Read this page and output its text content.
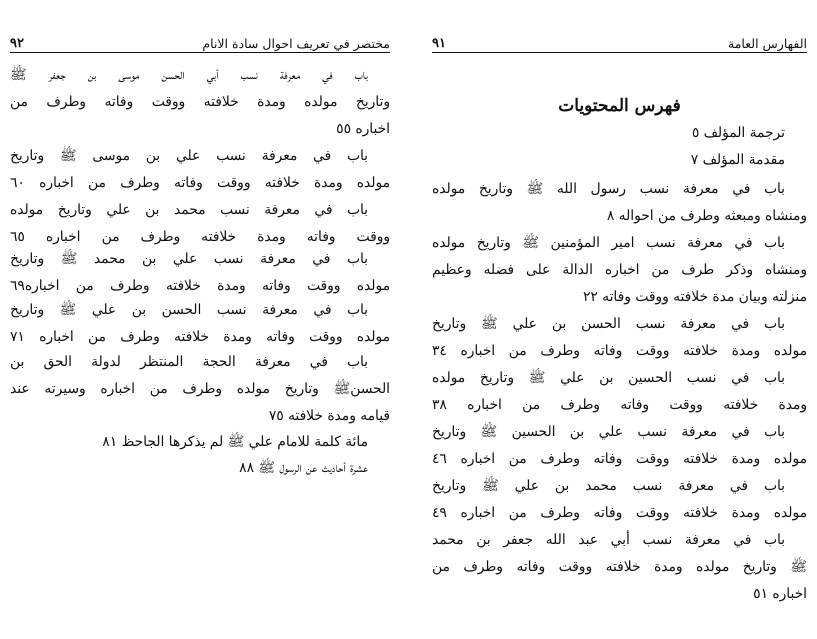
مختصر في تعريف احوال سادة الانام
٩٢
باب في معرفة نسب أبي الحسن موسى بن جعفر ﷺ
وتاريخ مولده ومدة خلافته ووقت وفاته وطرف من
اخباره ٥٥
باب في معرفة نسب علي بن موسى ﷺ وتاريخ
مولده ومدة خلافته ووقت وفاته وطرف من اخباره ٦٠
باب في معرفة نسب محمد بن علي وتاريخ مولده
ووقت وفاته ومدة خلافته وطرف من اخباره ٦٥
باب في معرفة نسب علي بن محمد ﷺ وتاريخ
مولده ووقت وفاته ومدة خلافته وطرف من اخباره٦٩
باب في معرفة نسب الحسن بن علي ﷺ وتاريخ
مولده ووقت وفاته ومدة خلافته وطرف من اخباره ٧١
باب في معرفة الحجة المنتظر لدولة الحق بن
الحسنﷺ وتاريخ مولده وطرف من اخباره وسيرته عند
قيامه ومدة خلافته ٧٥
مائة كلمة للامام علي ﷺ لم يذكرها الجاحظ ٨١
عشرة أحاديث عن الرسول ﷺ ٨٨
الفهارس العامة
٩١
فهرس المحتويات
ترجمة المؤلف ٥
مقدمة المؤلف ٧
باب في معرفة نسب رسول الله ﷺ وتاريخ مولده
ومنشاه ومبعثه وطرف من احواله ٨
باب في معرفة نسب امير المؤمنين ﷺ وتاريخ مولده
ومنشاه وذكر طرف من اخباره الدالة على فضله وعظيم
منزلته وبيان مدة خلافته ووقت وفاته ٢٢
باب في معرفة نسب الحسن بن علي ﷺ وتاريخ
مولده ومدة خلافته ووقت وفاته وطرف من اخباره ٣٤
باب في نسب الحسين بن علي ﷺ وتاريخ مولده
ومدة خلافته ووقت وفاته وطرف من اخباره ٣٨
باب في معرفة نسب علي بن الحسين ﷺ وتاريخ
مولده ومدة خلافته ووقت وفاته وطرف من اخباره ٤٦
باب في معرفة نسب محمد بن علي ﷺ وتاريخ
مولده ومدة خلافته ووقت وفاته وطرف من اخباره ٤٩
باب في معرفة نسب أبي عبد الله جعفر بن محمد
ﷺ وتاريخ مولده ومدة خلافته ووقت وفاته وطرف من
اخباره ٥١
